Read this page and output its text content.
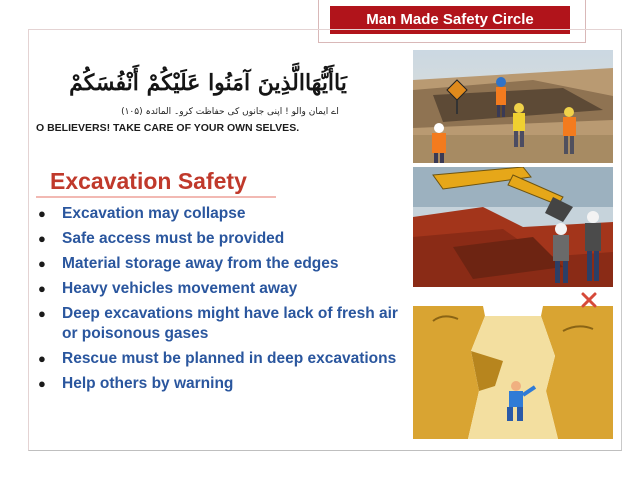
Man Made Safety Circle
يَاأَيُّهَاالَّذِينَ آمَنُوا عَلَيْكُمْ أَنْفُسَكُمْ
اے ایمان والو ! اپنی جانوں کی حفاظت کرو۔ المائدہ (۱۰۵)
O BELIEVERS! TAKE CARE OF YOUR OWN SELVES.
Excavation Safety
● Excavation may collapse
● Safe access must be provided
● Material storage away from the edges
● Heavy vehicles movement away
● Deep excavations might have lack of fresh air or poisonous gases
● Rescue must be planned in deep excavations
● Help others by warning
